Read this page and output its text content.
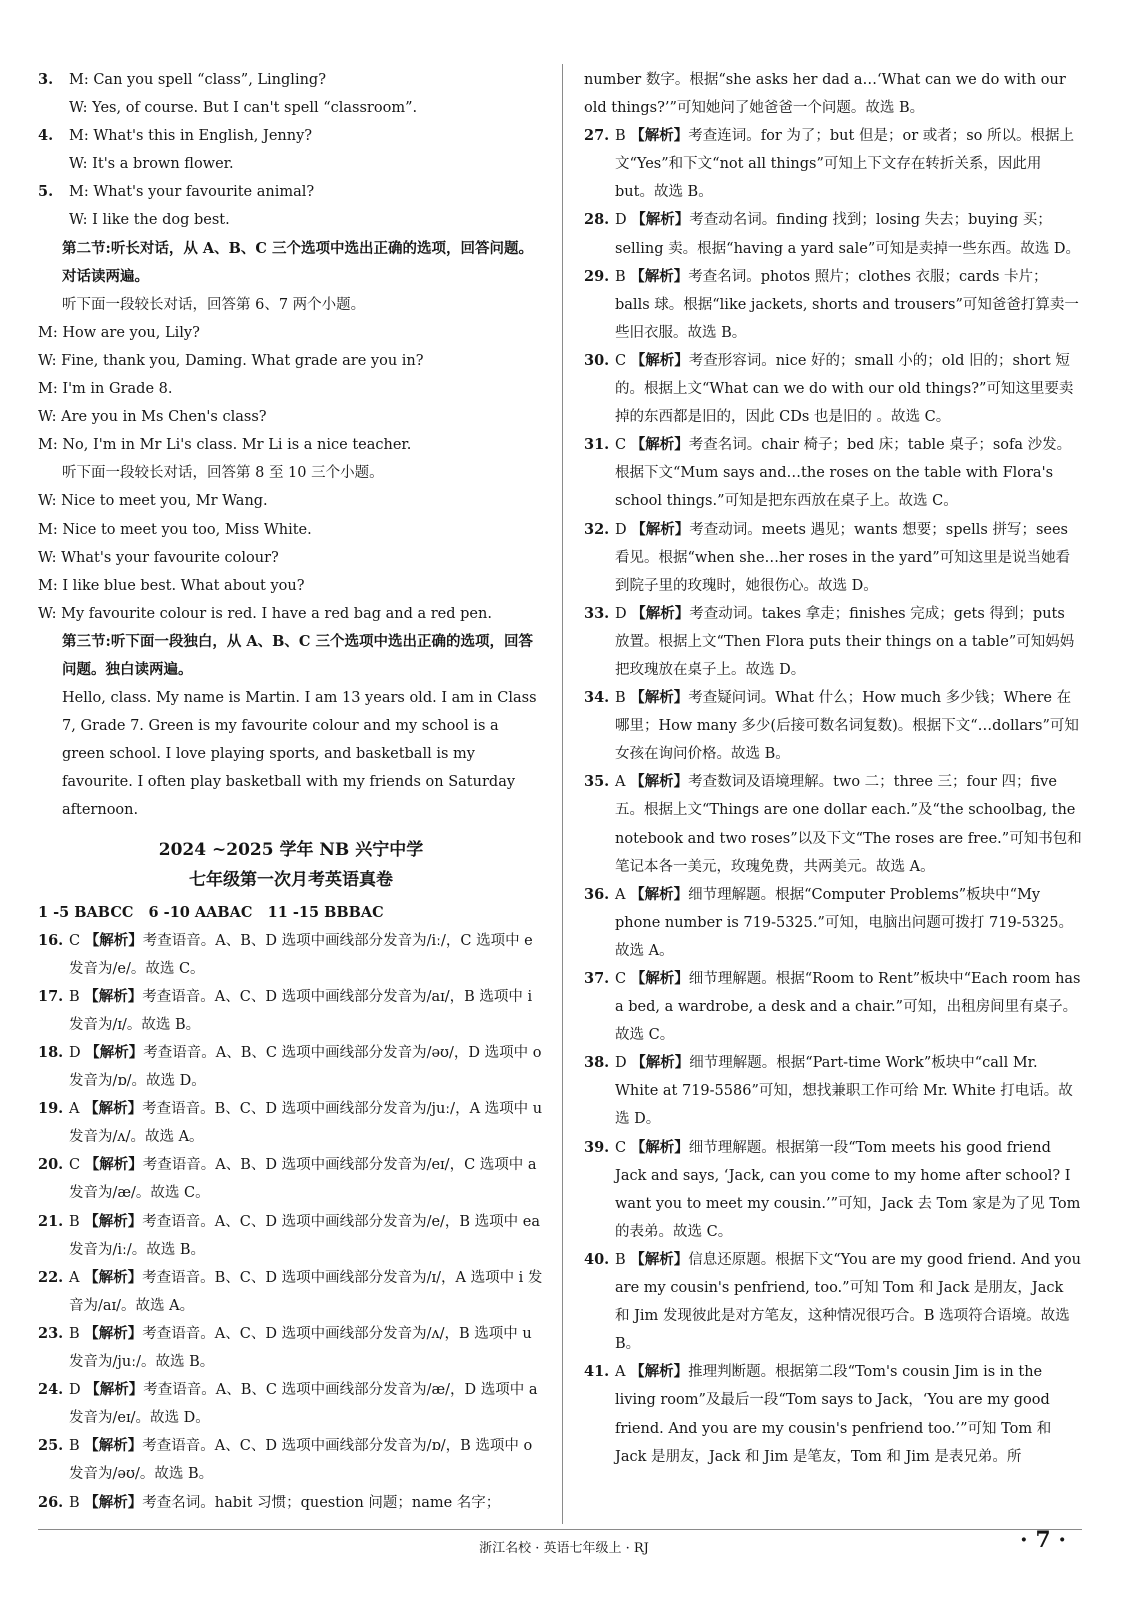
3. M: Can you spell “class”, Lingling?
W: Yes, of course. But I can't spell “classroom”.
4. M: What's this in English, Jenny?
W: It's a brown flower.
5. M: What's your favourite animal?
W: I like the dog best.
第二节:听长对话，从 A、B、C 三个选项中选出正确的选项，回答问题。对话读两遍。
听下面一段较长对话，回答第 6、7 两个小题。
M: How are you, Lily?
W: Fine, thank you, Daming. What grade are you in?
M: I'm in Grade 8.
W: Are you in Ms Chen's class?
M: No, I'm in Mr Li's class. Mr Li is a nice teacher.
听下面一段较长对话，回答第 8 至 10 三个小题。
W: Nice to meet you, Mr Wang.
M: Nice to meet you too, Miss White.
W: What's your favourite colour?
M: I like blue best. What about you?
W: My favourite colour is red. I have a red bag and a red pen.
第三节:听下面一段独白，从 A、B、C 三个选项中选出正确的选项，回答问题。独白读两遍。
Hello, class. My name is Martin. I am 13 years old. I am in Class 7, Grade 7. Green is my favourite colour and my school is a green school. I love playing sports, and basketball is my favourite. I often play basketball with my friends on Saturday afternoon.
2024 ~2025 学年 NB 兴宁中学
七年级第一次月考英语真卷
1 -5 BABCC   6 -10 AABAC   11 -15 BBBAC
16. C 【解析】考查语音。A、B、D 选项中画线部分发音为/iː/，C 选项中 e 发音为/e/。故选 C。
17. B 【解析】考查语音。A、C、D 选项中画线部分发音为/aɪ/，B 选项中 i 发音为/ɪ/。故选 B。
18. D 【解析】考查语音。A、B、C 选项中画线部分发音为/əʊ/，D 选项中 o 发音为/ɒ/。故选 D。
19. A 【解析】考查语音。B、C、D 选项中画线部分发音为/juː/，A 选项中 u 发音为/ʌ/。故选 A。
20. C 【解析】考查语音。A、B、D 选项中画线部分发音为/eɪ/，C 选项中 a 发音为/æ/。故选 C。
21. B 【解析】考查语音。A、C、D 选项中画线部分发音为/e/，B 选项中 ea 发音为/iː/。故选 B。
22. A 【解析】考查语音。B、C、D 选项中画线部分发音为/ɪ/，A 选项中 i 发音为/aɪ/。故选 A。
23. B 【解析】考查语音。A、C、D 选项中画线部分发音为/ʌ/，B 选项中 u 发音为/juː/。故选 B。
24. D 【解析】考查语音。A、B、C 选项中画线部分发音为/æ/，D 选项中 a 发音为/eɪ/。故选 D。
25. B 【解析】考查语音。A、C、D 选项中画线部分发音为/ɒ/，B 选项中 o 发音为/əʊ/。故选 B。
26. B 【解析】考查名词。habit 习惯；question 问题；name 名字；
number 数字。根据“she asks her dad a…‘What can we do with our old things?’”可知她问了她爸爸一个问题。故选 B。
27. B 【解析】考查连词。for 为了；but 但是；or 或者；so 所以。根据上文“Yes”和下文“not all things”可知上下文存在转折关系，因此用 but。故选 B。
28. D 【解析】考查动名词。finding 找到；losing 失去；buying 买；selling 卖。根据“having a yard sale”可知是卖掉一些东西。故选 D。
29. B 【解析】考查名词。photos 照片；clothes 衣服；cards 卡片；balls 球。根据“like jackets, shorts and trousers”可知爸爸打算卖一些旧衣服。故选 B。
30. C 【解析】考查形容词。nice 好的；small 小的；old 旧的；short 短的。根据上文“What can we do with our old things?”可知这里要卖掉的东西都是旧的，因此 CDs 也是旧的 。故选 C。
31. C 【解析】考查名词。chair 椅子；bed 床；table 桌子；sofa 沙发。根据下文“Mum says and…the roses on the table with Flora's school things.”可知是把东西放在桌子上。故选 C。
32. D 【解析】考查动词。meets 遇见；wants 想要；spells 拼写；sees 看见。根据“when she…her roses in the yard”可知这里是说当她看到院子里的玫瑰时，她很伤心。故选 D。
33. D 【解析】考查动词。takes 拿走；finishes 完成；gets 得到；puts 放置。根据上文“Then Flora puts their things on a table”可知妈妈把玫瑰放在桌子上。故选 D。
34. B 【解析】考查疑问词。What 什么；How much 多少钱；Where 在哪里；How many 多少(后接可数名词复数)。根据下文“…dollars”可知女孩在询问价格。故选 B。
35. A 【解析】考查数词及语境理解。two 二；three 三；four 四；five 五。根据上文“Things are one dollar each.”及“the schoolbag, the notebook and two roses”以及下文“The roses are free.”可知书包和笔记本各一美元，玫瑰免费，共两美元。故选 A。
36. A 【解析】细节理解题。根据“Computer Problems”板块中“My phone number is 719-5325.”可知，电脑出问题可拨打 719-5325。故选 A。
37. C 【解析】细节理解题。根据“Room to Rent”板块中“Each room has a bed, a wardrobe, a desk and a chair.”可知，出租房间里有桌子。故选 C。
38. D 【解析】细节理解题。根据“Part-time Work”板块中“call Mr. White at 719-5586”可知，想找兼职工作可给 Mr. White 打电话。故选 D。
39. C 【解析】细节理解题。根据第一段“Tom meets his good friend Jack and says, ‘Jack, can you come to my home after school? I want you to meet my cousin.’”可知，Jack 去 Tom 家是为了见 Tom 的表弟。故选 C。
40. B 【解析】信息还原题。根据下文“You are my good friend. And you are my cousin's penfriend, too.”可知 Tom 和 Jack 是朋友，Jack 和 Jim 发现彼此是对方笔友，这种情况很巧合。B 选项符合语境。故选 B。
41. A 【解析】推理判断题。根据第二段“Tom's cousin Jim is in the living room”及最后一段“Tom says to Jack，‘You are my good friend. And you are my cousin's penfriend too.’”可知 Tom 和 Jack 是朋友，Jack 和 Jim 是笔友，Tom 和 Jim 是表兄弟。所
浙江名校 · 英语七年级上 · RJ	· 7 ·
